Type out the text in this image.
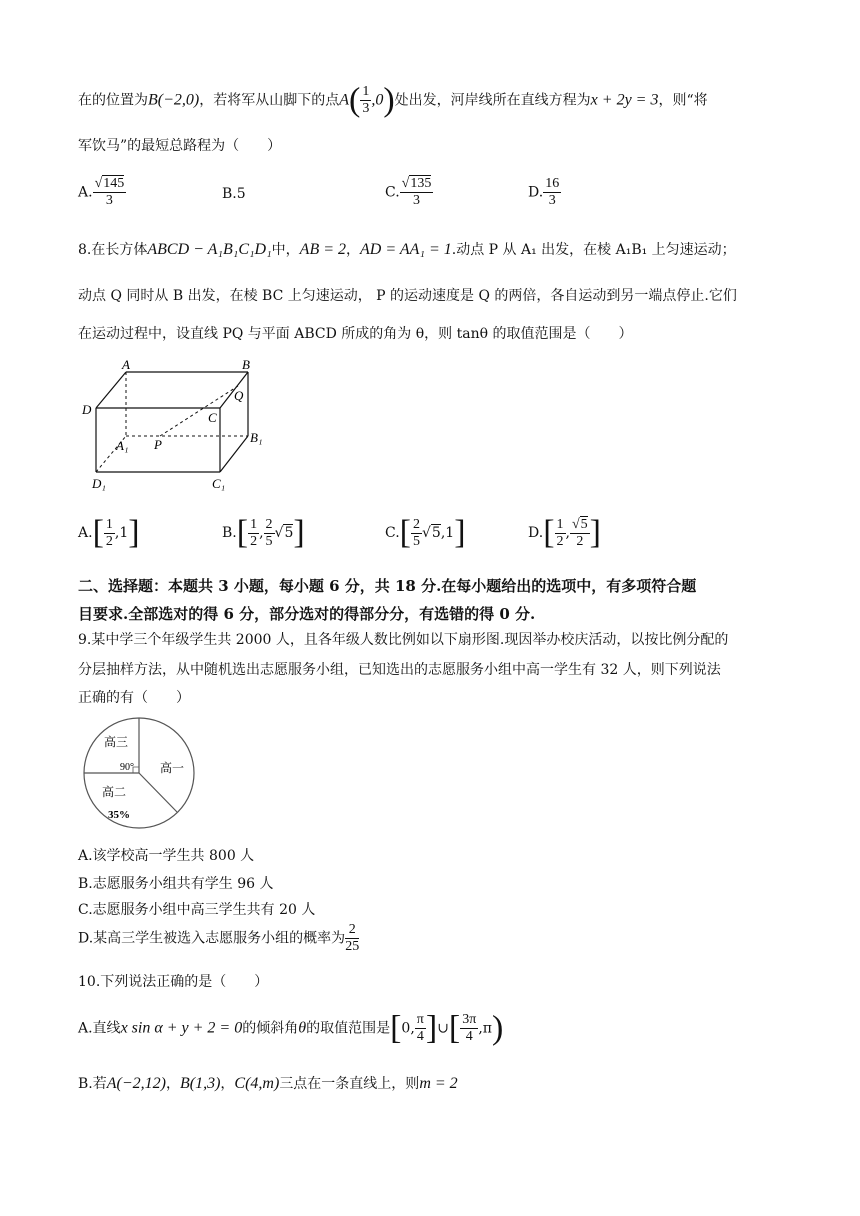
在的位置为B(−2,0)，若将军从山脚下的点$A( \frac{1}{3} ,0)$处出发，河岸线所在直线方程为x + 2y = 3，则“将
军饮马”的最短总路程为（　　）
A. $\frac{√145}{3}$	B.5	C. $\frac{√135}{3}$	D. $\frac{16}{3}$
8.在长方体ABCD − A₁B₁C₁D₁中，AB = 2，AD = AA₁ = 1.动点 P 从 A₁ 出发，在棱 A₁B₁ 上匀速运动；
动点 Q 同时从 B 出发，在棱 BC 上匀速运动， P 的运动速度是 Q 的两倍，各自运动到另一端点停止.它们
在运动过程中，设直线 PQ 与平面 ABCD 所成的角为 θ，则 tanθ 的取值范围是（　　）
A	B
D
C
Q
P
A₁
B₁
C₁
D₁
$A.[ \frac{1}{2} ,1]$	$B.[ \frac{1}{2}$ , $\frac{2}{5} √5$]	$C.[ \frac{2}{5} √5,1]$	$D.[ \frac{1}{2}$ , $\frac{√5}{2}$ ]
二、选择题：本题共 3 小题，每小题 6 分，共 18 分.在每小题给出的选项中，有多项符合题
目要求.全部选对的得 6 分，部分选对的得部分分，有选错的得 0 分.
9.某中学三个年级学生共 2000 人，且各年级人数比例如以下扇形图.现因举办校庆活动，以按比例分配的
分层抽样方法，从中随机选出志愿服务小组，已知选出的志愿服务小组中高一学生有 32 人，则下列说法
正确的有（　　）
高三
90° 高一
高二
35%
A.该学校高一学生共 800 人
B.志愿服务小组共有学生 96 人
C.志愿服务小组中高三学生共有 20 人
D.某高三学生被选入志愿服务小组的概率为 $\frac{2}{25}$
10.下列说法正确的是（　　）
A.直线x sin α + y + 2 = 0的倾斜角θ的取值范围是[0, $\frac{\pi}{4}$ ]∪[ $\frac{3\pi}{4} ,\pi$)
B.若A(−2,12)，B(1,3)，C(4,m)三点在一条直线上，则m = 2
